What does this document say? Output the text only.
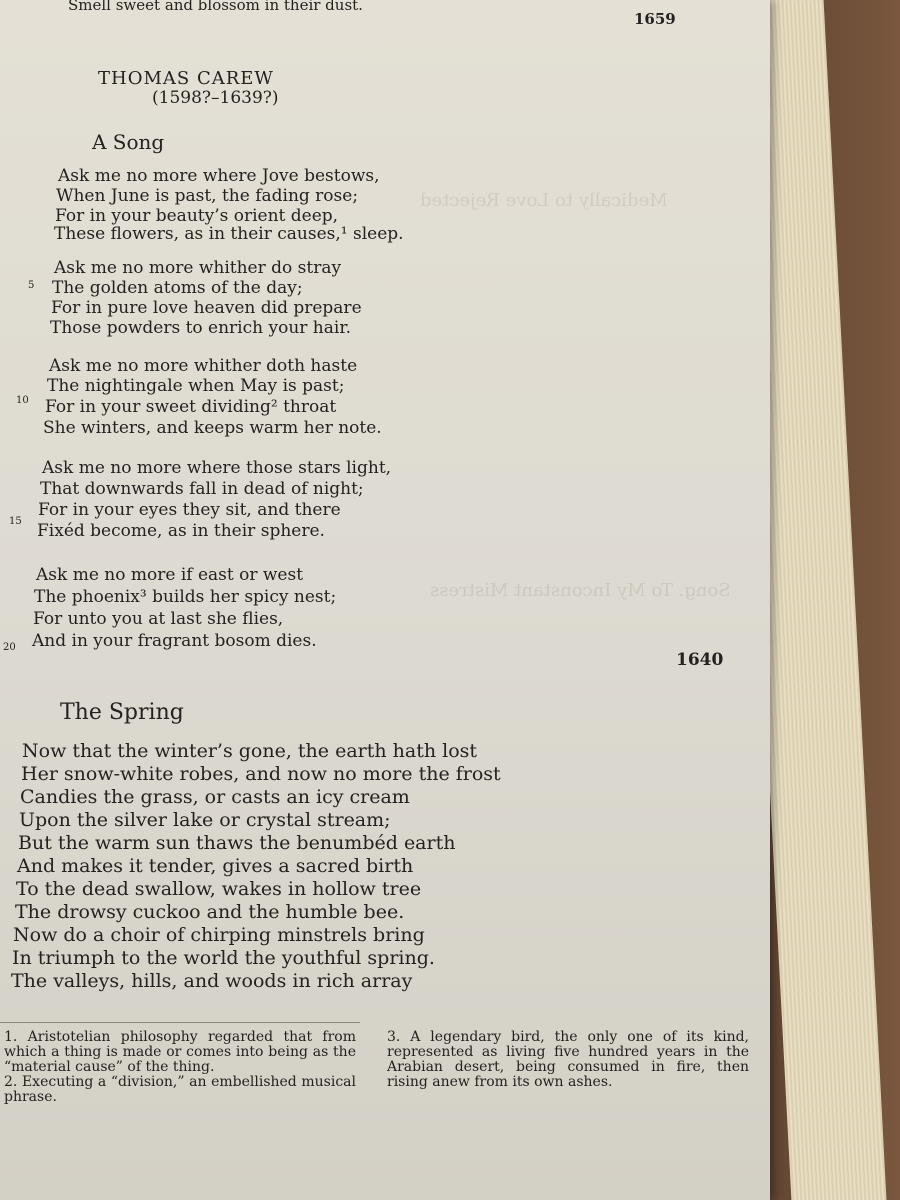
Medically to Love Rejected
Song. To My Inconstant Mistress
Smell sweet and blossom in their dust.
1659
THOMAS CAREW
(1598?–1639?)
A Song
Ask me no more where Jove bestows,
When June is past, the fading rose;
For in your beauty’s orient deep,
These flowers, as in their causes,¹ sleep.
5
Ask me no more whither do stray
The golden atoms of the day;
For in pure love heaven did prepare
Those powders to enrich your hair.
10
Ask me no more whither doth haste
The nightingale when May is past;
For in your sweet dividing² throat
She winters, and keeps warm her note.
15
Ask me no more where those stars light,
That downwards fall in dead of night;
For in your eyes they sit, and there
Fixéd become, as in their sphere.
20
Ask me no more if east or west
The phoenix³ builds her spicy nest;
For unto you at last she flies,
And in your fragrant bosom dies.
1640
The Spring
Now that the winter’s gone, the earth hath lost
Her snow-white robes, and now no more the frost
Candies the grass, or casts an icy cream
Upon the silver lake or crystal stream;
But the warm sun thaws the benumbéd earth
And makes it tender, gives a sacred birth
To the dead swallow, wakes in hollow tree
The drowsy cuckoo and the humble bee.
Now do a choir of chirping minstrels bring
In triumph to the world the youthful spring.
The valleys, hills, and woods in rich array

1. Aristotelian philosophy regarded that from which a thing is made or comes into being as the “material cause” of the thing.

2. Executing a “division,” an embellished musical phrase.

3. A legendary bird, the only one of its kind, represented as living five hundred years in the Arabian desert, being consumed in fire, then rising anew from its own ashes.
